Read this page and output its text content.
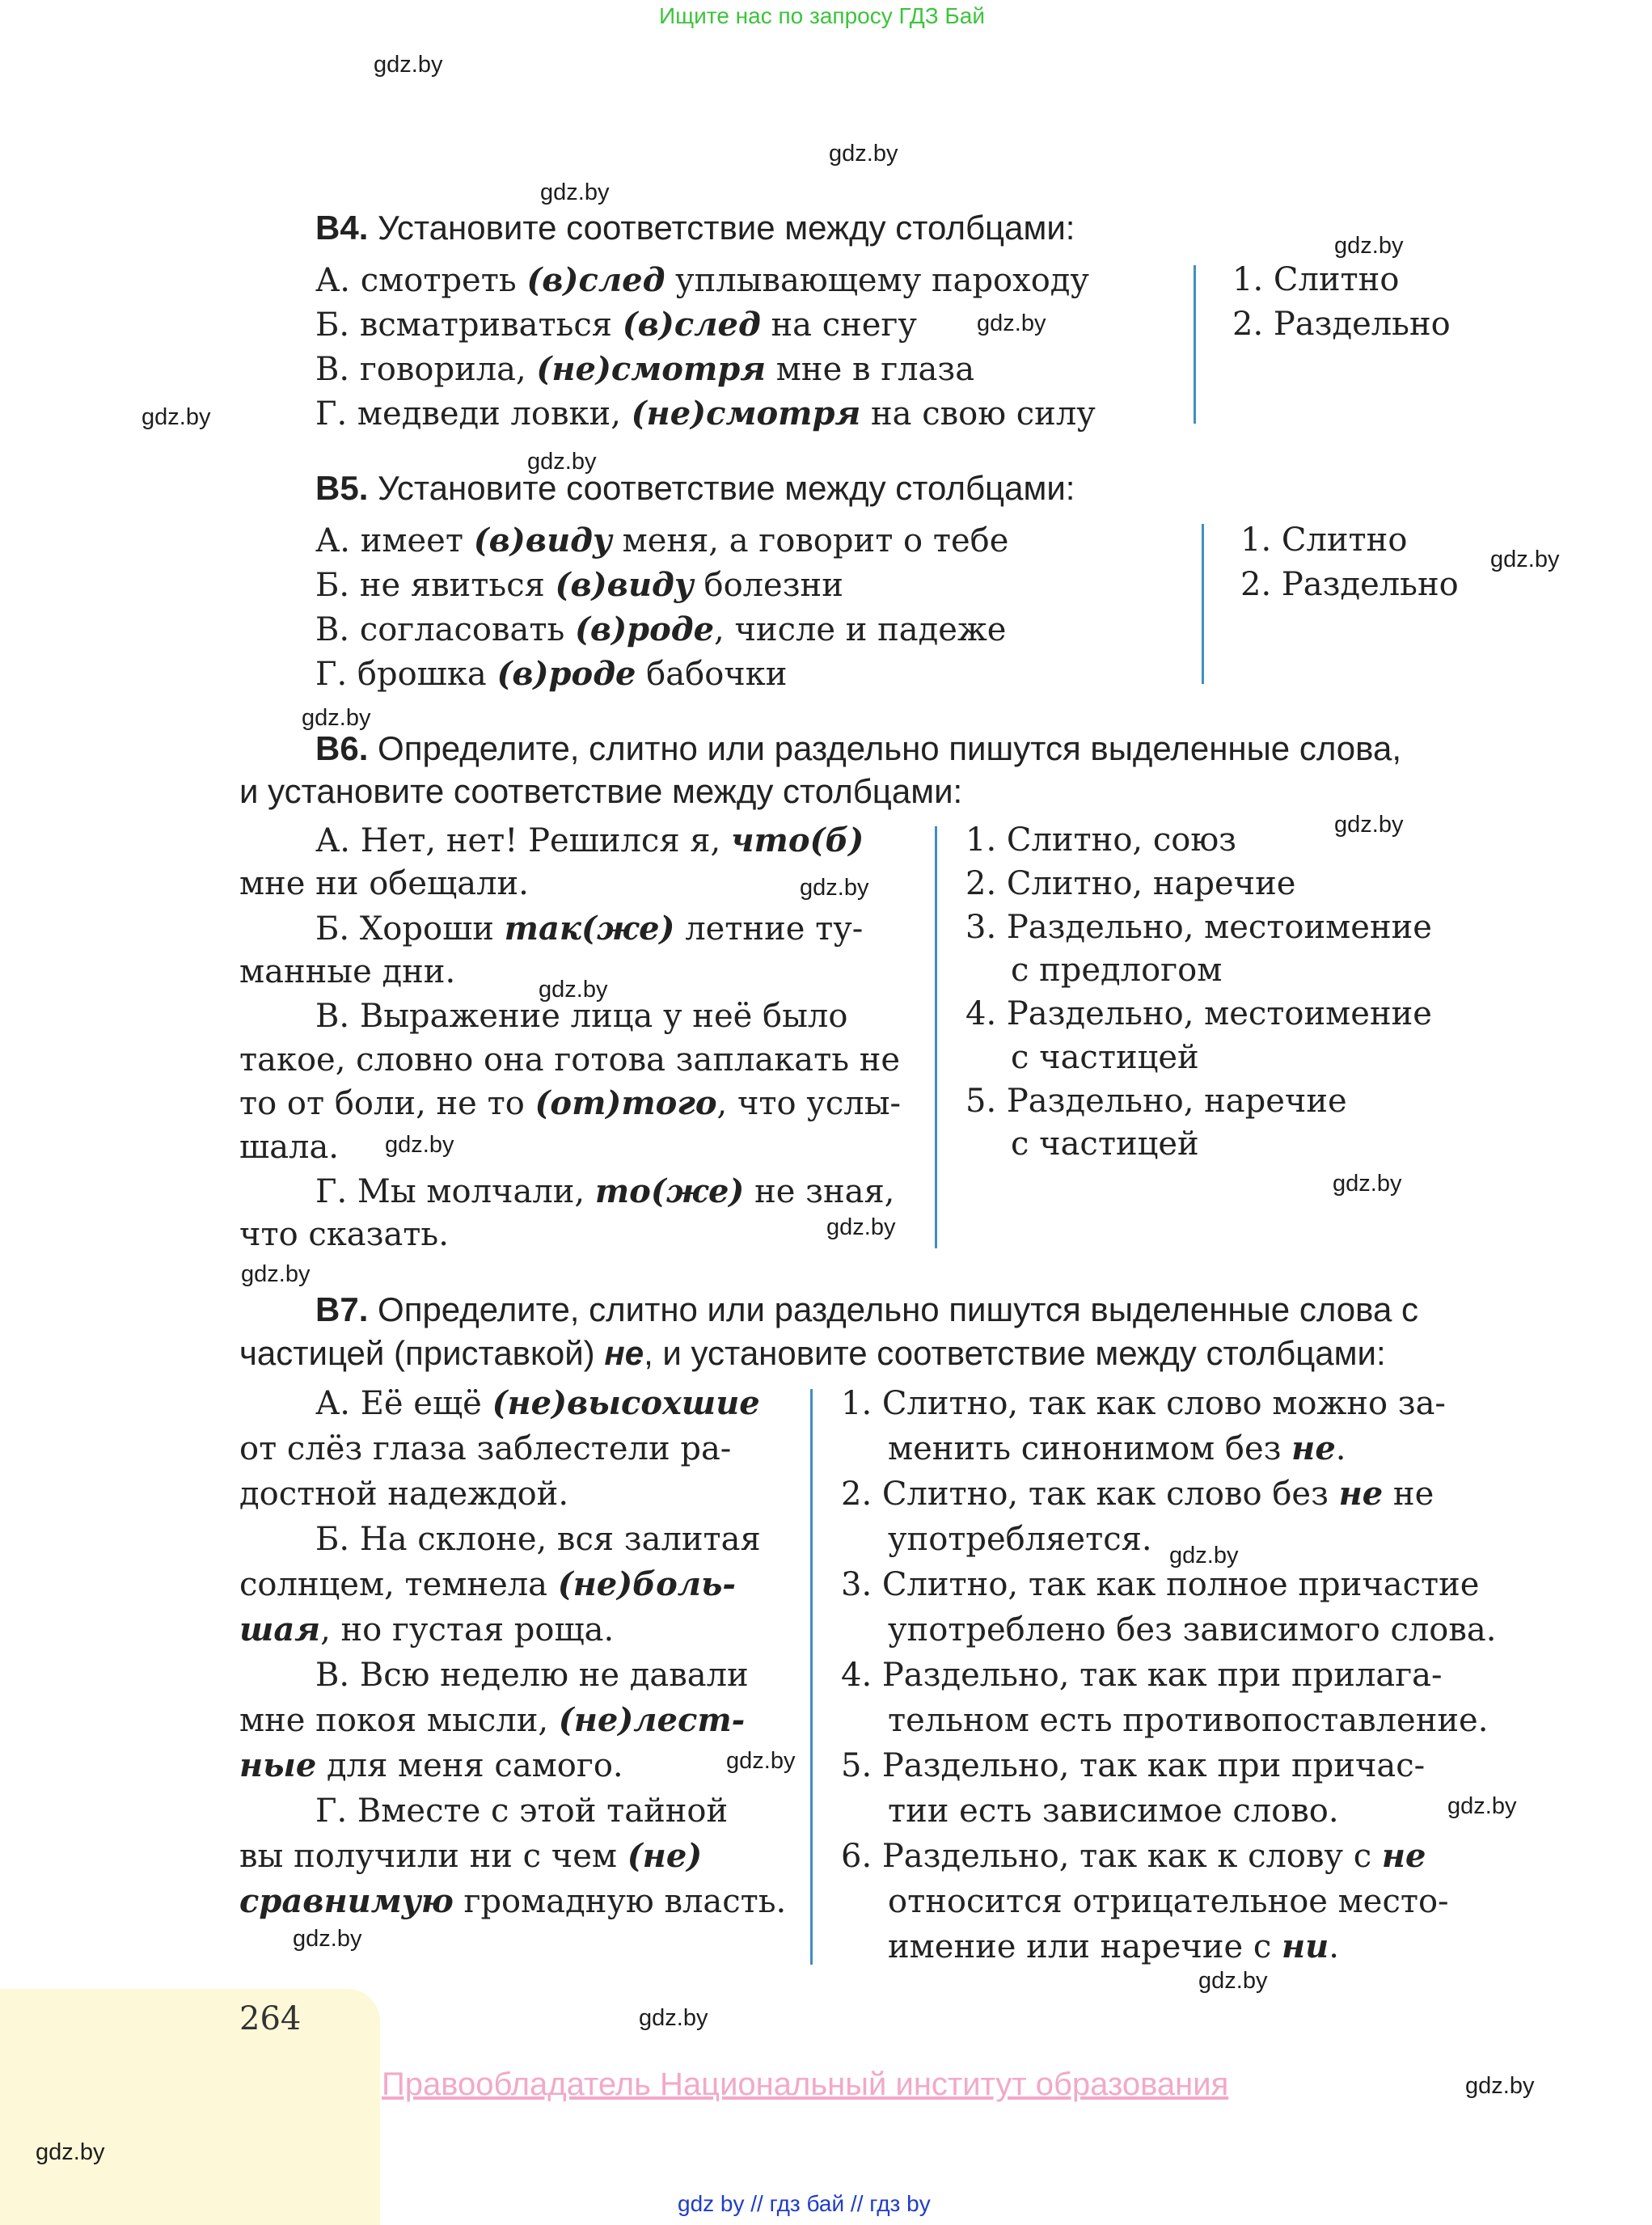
Ищите нас по запросу ГДЗ Бай
gdz.by
gdz.by
gdz.by
gdz.by
gdz.by
gdz.by
gdz.by
gdz.by
gdz.by
gdz.by
gdz.by
gdz.by
gdz.by
gdz.by
gdz.by
gdz.by
gdz.by
gdz.by
gdz.by
gdz.by
gdz.by
gdz.by
gdz.by
gdz.by
B4. Установите соответствие между столбцами:
А. смотреть (в)след уплывающему пароходу
Б. всматриваться (в)след на снегу
В. говорила, (не)смотря мне в глаза
Г. медведи ловки, (не)смотря на свою силу
1. Слитно
2. Раздельно
B5. Установите соответствие между столбцами:
А. имеет (в)виду меня, а говорит о тебе
Б. не явиться (в)виду болезни
В. согласовать (в)роде, числе и падеже
Г. брошка (в)роде бабочки
1. Слитно
2. Раздельно
B6. Определите, слитно или раздельно пишутся выделенные слова,
и установите соответствие между столбцами:
А. Нет, нет! Решился я, что(б)
мне ни обещали.
Б. Хороши так(же) летние ту-
манные дни.
В. Выражение лица у неё было
такое, словно она готова заплакать не
то от боли, не то (от)того, что услы-
шала.
Г. Мы молчали, то(же) не зная,
что сказать.
1. Слитно, союз
2. Слитно, наречие
3. Раздельно, местоимение
с предлогом
4. Раздельно, местоимение
с частицей
5. Раздельно, наречие
с частицей
B7. Определите, слитно или раздельно пишутся выделенные слова с
частицей (приставкой) не, и установите соответствие между столбцами:
А. Её ещё (не)высохшие
от слёз глаза заблестели ра-
достной надеждой.
Б. На склоне, вся залитая
солнцем, темнела (не)боль-
шая, но густая роща.
В. Всю неделю не давали
мне покоя мысли, (не)лест-
ные для меня самого.
Г. Вместе с этой тайной
вы получили ни с чем (не)
сравнимую громадную власть.
1. Слитно, так как слово можно за-
менить синонимом без не.
2. Слитно, так как слово без не не
употребляется.
3. Слитно, так как полное причастие
употреблено без зависимого слова.
4. Раздельно, так как при прилага-
тельном есть противопоставление.
5. Раздельно, так как при причас-
тии есть зависимое слово.
6. Раздельно, так как к слову с не
относится отрицательное место-
имение или наречие с ни.
264
Правообладатель Национальный институт образования
gdz by // гдз бай // гдз by
